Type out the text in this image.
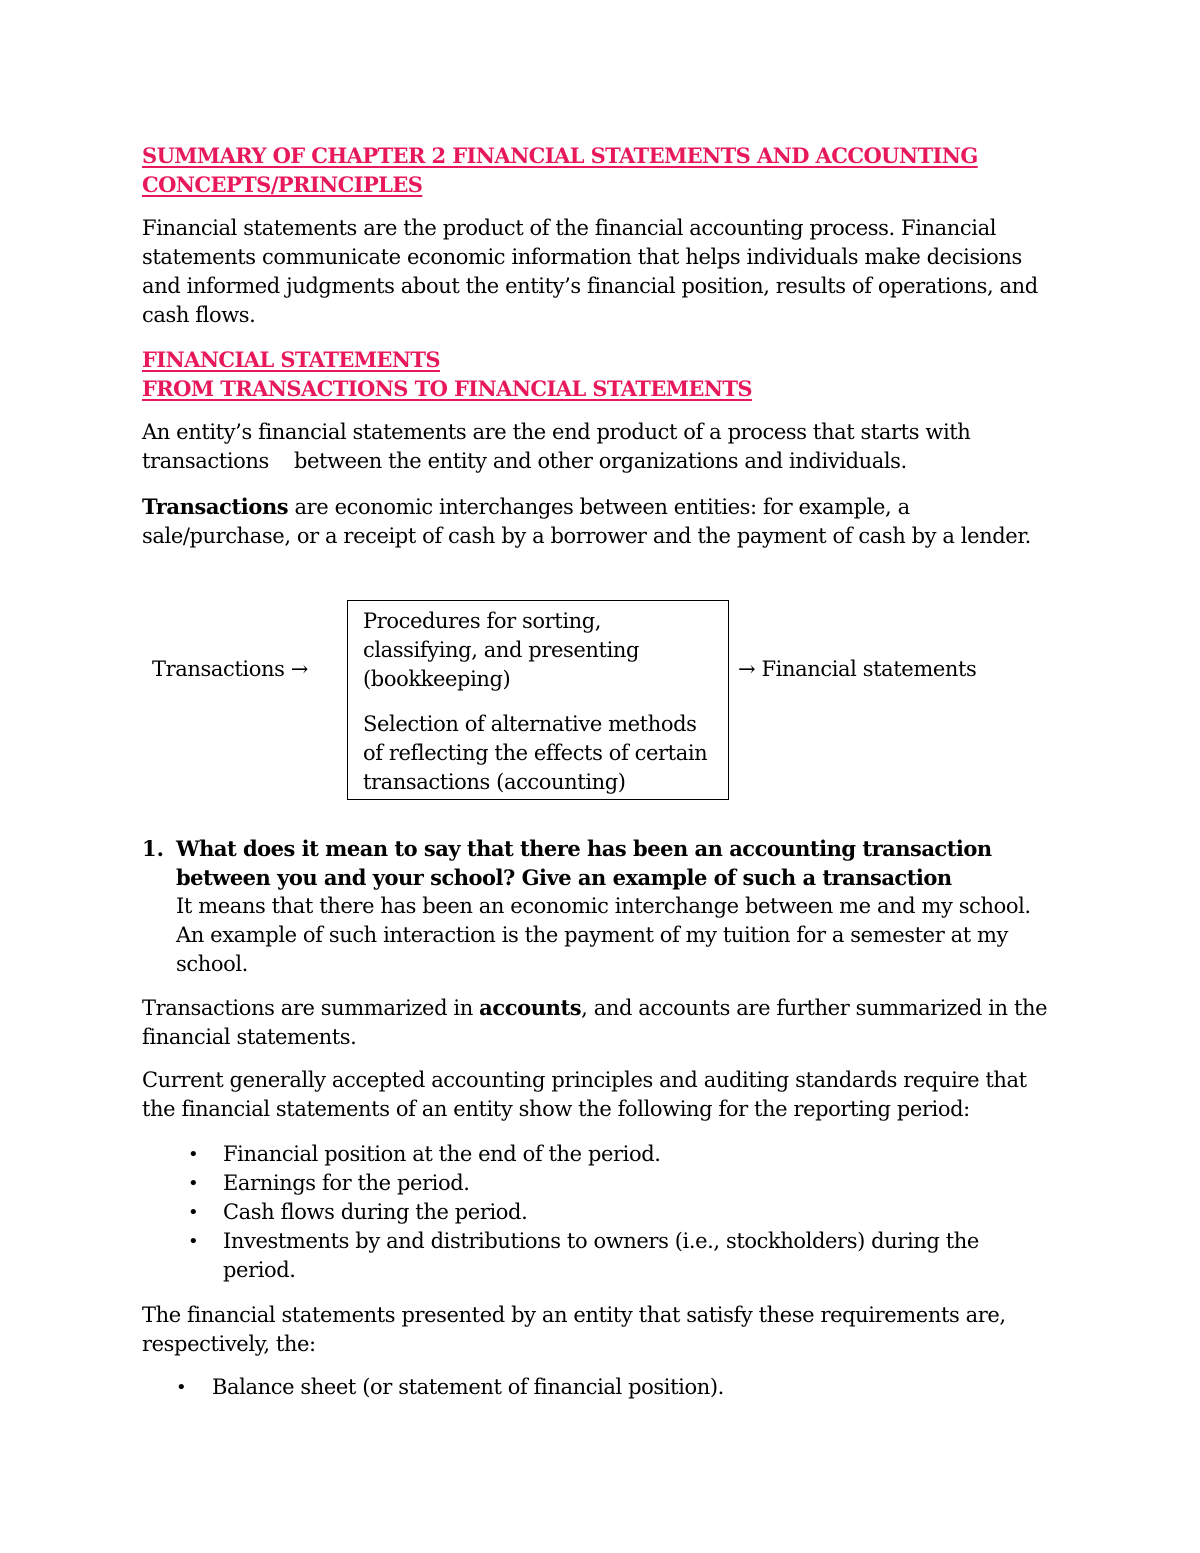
SUMMARY OF CHAPTER 2 FINANCIAL STATEMENTS AND ACCOUNTING
CONCEPTS/PRINCIPLES

Financial statements are the product of the financial accounting process. Financial
statements communicate economic information that helps individuals make decisions
and informed judgments about the entity’s financial position, results of operations, and
cash flows.

FINANCIAL STATEMENTS
FROM TRANSACTIONS TO FINANCIAL STATEMENTS

An entity’s financial statements are the end product of a process that starts with
transactions    between the entity and other organizations and individuals.

Transactions are economic interchanges between entities: for example, a
sale/purchase, or a receipt of cash by a borrower and the payment of cash by a lender.

Transactions →
Procedures for sorting,
classifying, and presenting
(bookkeeping)
Selection of alternative methods
of reflecting the effects of certain
transactions (accounting)
→ Financial statements
1. What does it mean to say that there has been an accounting transaction
between you and your school? Give an example of such a transaction
It means that there has been an economic interchange between me and my school.
An example of such interaction is the payment of my tuition for a semester at my
school.

Transactions are summarized in accounts, and accounts are further summarized in the
financial statements.

Current generally accepted accounting principles and auditing standards require that
the financial statements of an entity show the following for the reporting period:

• Financial position at the end of the period.
• Earnings for the period.
• Cash flows during the period.
• Investments by and distributions to owners (i.e., stockholders) during the
period.

The financial statements presented by an entity that satisfy these requirements are,
respectively, the:

• Balance sheet (or statement of financial position).
